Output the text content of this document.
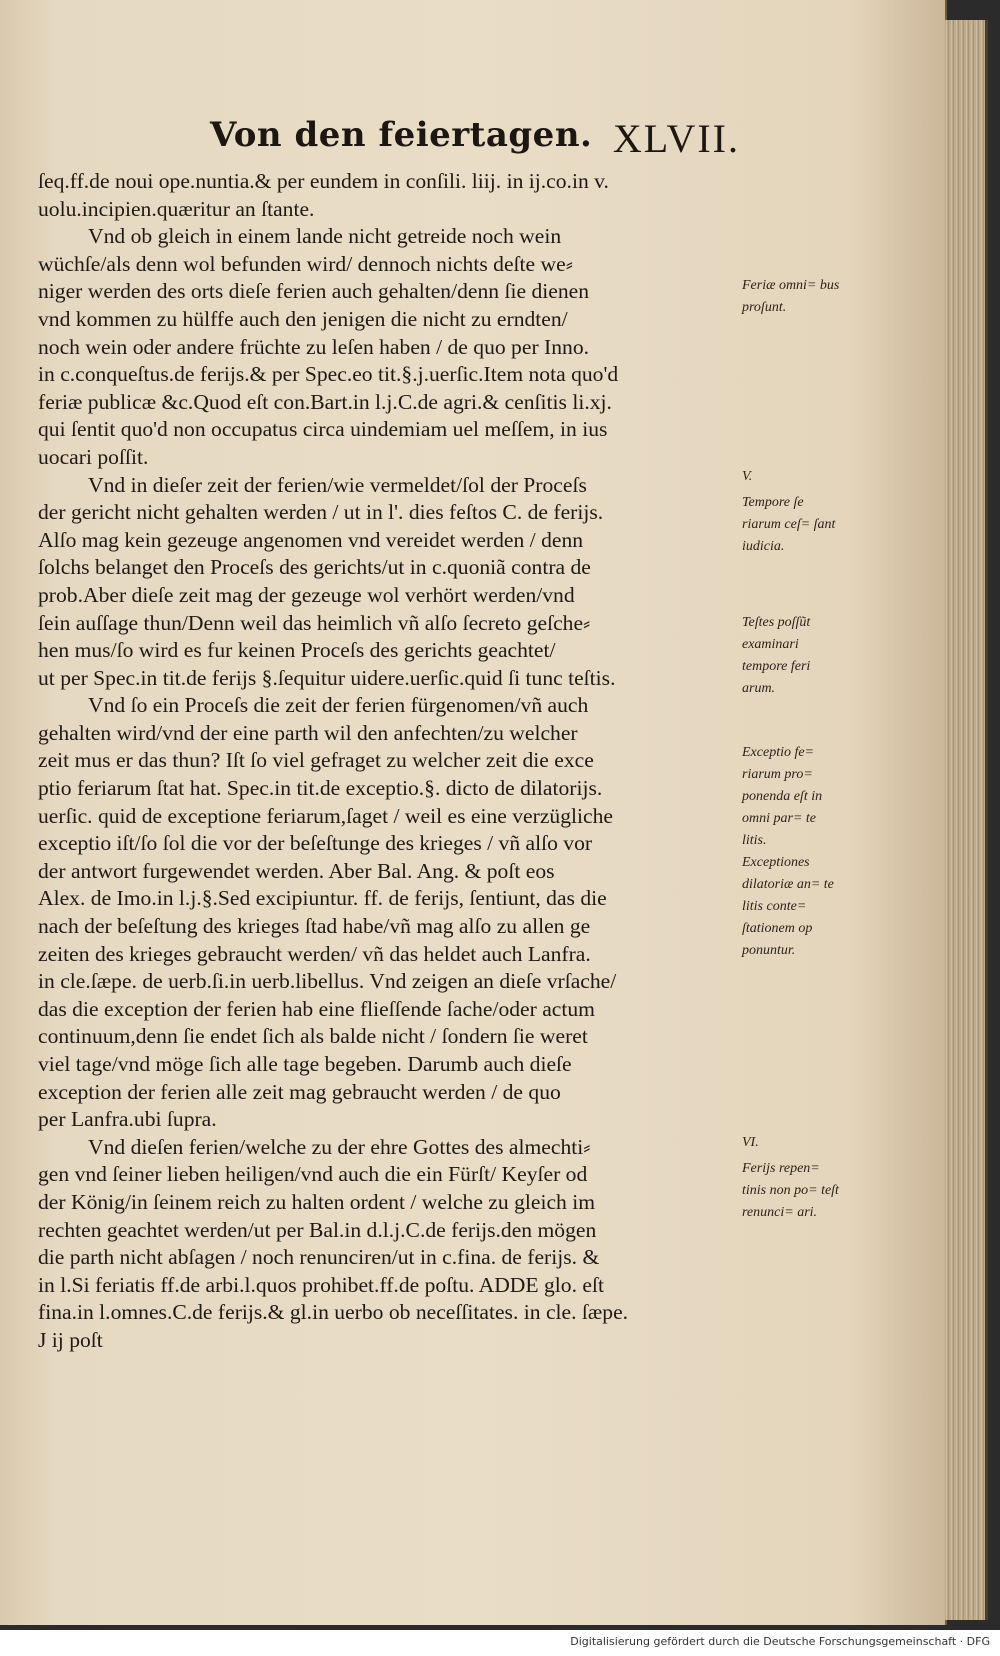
Von den feiertagen. XLVII.
ſeq.ff.de noui ope.nuntia.& per eundem in conſili. liij. in ij.co.in v.
uolu.incipien.quæritur an ſtante.
Vnd ob gleich in einem lande nicht getreide noch wein
wüchſe/als denn wol befunden wird/ dennoch nichts deſte we⸗
niger werden des orts dieſe ferien auch gehalten/denn ſie dienen
vnd kommen zu hülffe auch den jenigen die nicht zu erndten/
noch wein oder andere früchte zu leſen haben / de quo per Inno.
in c.conqueſtus.de ferijs.& per Spec.eo tit.§.j.uerſic.Item nota quo'd
feriæ publicæ &c.Quod eſt con.Bart.in l.j.C.de agri.& cenſitis li.xj.
qui ſentit quo'd non occupatus circa uindemiam uel meſſem, in ius
uocari poſſit.
Vnd in dieſer zeit der ferien/wie vermeldet/ſol der Proceſs
der gericht nicht gehalten werden / ut in l'. dies feſtos C. de ferijs.
Alſo mag kein gezeuge angenomen vnd vereidet werden / denn
ſolchs belanget den Proceſs des gerichts/ut in c.quoniã contra de
prob.Aber dieſe zeit mag der gezeuge wol verhört werden/vnd
ſein auſſage thun/Denn weil das heimlich vñ alſo ſecreto geſche⸗
hen mus/ſo wird es fur keinen Proceſs des gerichts geachtet/
ut per Spec.in tit.de ferijs §.ſequitur uidere.uerſic.quid ſi tunc teſtis.
Vnd ſo ein Proceſs die zeit der ferien fürgenomen/vñ auch
gehalten wird/vnd der eine parth wil den anfechten/zu welcher
zeit mus er das thun? Iſt ſo viel gefraget zu welcher zeit die exce
ptio feriarum ſtat hat. Spec.in tit.de exceptio.§. dicto de dilatorijs.
uerſic. quid de exceptione feriarum,ſaget / weil es eine verzügliche
exceptio iſt/ſo ſol die vor der beſeſtunge des krieges / vñ alſo vor
der antwort furgewendet werden. Aber Bal. Ang. & poſt eos
Alex. de Imo.in l.j.§.Sed excipiuntur. ff. de ferijs, ſentiunt, das die
nach der beſeſtung des krieges ſtad habe/vñ mag alſo zu allen ge
zeiten des krieges gebraucht werden/ vñ das heldet auch Lanfra.
in cle.ſæpe. de uerb.ſi.in uerb.libellus. Vnd zeigen an dieſe vrſache/
das die exception der ferien hab eine flieſſende ſache/oder actum
continuum,denn ſie endet ſich als balde nicht / ſondern ſie weret
viel tage/vnd möge ſich alle tage begeben. Darumb auch dieſe
exception der ferien alle zeit mag gebraucht werden / de quo
per Lanfra.ubi ſupra.
Vnd dieſen ferien/welche zu der ehre Gottes des almechti⸗
gen vnd ſeiner lieben heiligen/vnd auch die ein Fürſt/ Keyſer od
der König/in ſeinem reich zu halten ordent / welche zu gleich im
rechten geachtet werden/ut per Bal.in d.l.j.C.de ferijs.den mögen
die parth nicht abſagen / noch renunciren/ut in c.fina. de ferijs. &
in l.Si feriatis ff.de arbi.l.quos prohibet.ff.de poſtu. ADDE glo. eſt
fina.in l.omnes.C.de ferijs.& gl.in uerbo ob neceſſitates. in cle. ſæpe.
J ij poſt
Feriæ omni= bus proſunt.
V.
Tempore ſe riarum ceſ= ſant iudicia.
Teſtes poſſũt examinari tempore feri arum.
Exceptio fe= riarum pro= ponenda eſt in omni par= te litis.
Exceptiones dilatoriæ an= te litis conte= ſtationem op ponuntur.
VI.
Ferijs repen= tinis non po= teſt renunci= ari.
Digitalisierung gefördert durch die Deutsche Forschungsgemeinschaft · DFG
